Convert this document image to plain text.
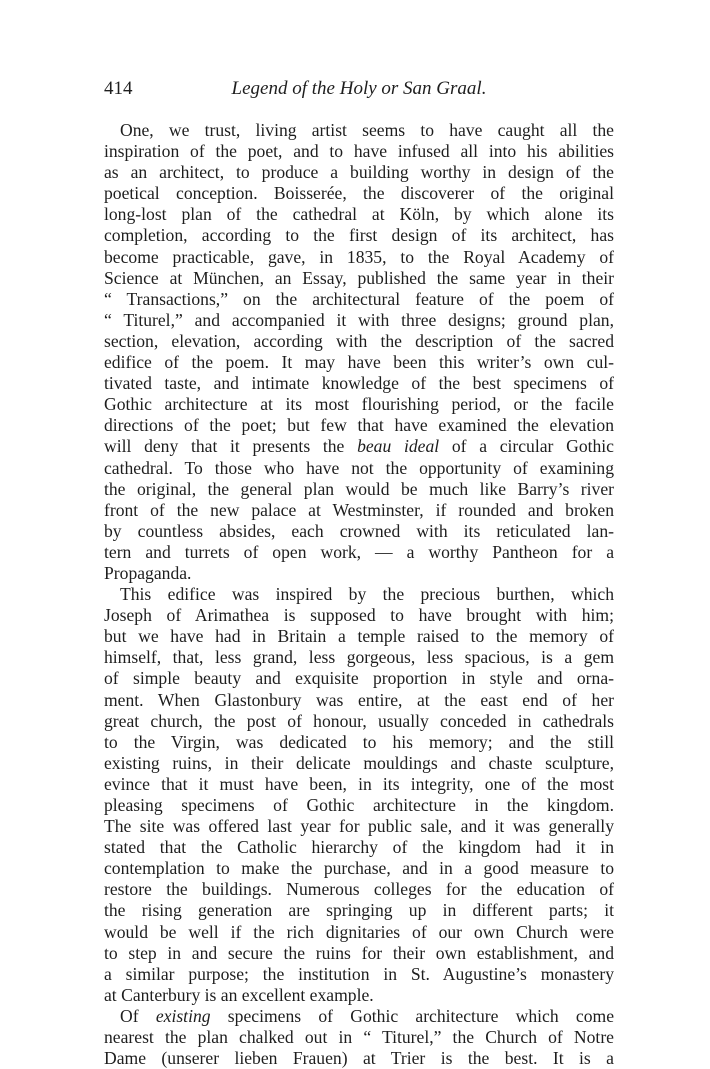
414	Legend of the Holy or San Graal.
One, we trust, living artist seems to have caught all the
inspiration of the poet, and to have infused all into his abilities
as an architect, to produce a building worthy in design of the
poetical conception. Boisserée, the discoverer of the original
long-lost plan of the cathedral at Köln, by which alone its
completion, according to the first design of its architect, has
become practicable, gave, in 1835, to the Royal Academy of
Science at München, an Essay, published the same year in their
“ Transactions,” on the architectural feature of the poem of
“ Titurel,” and accompanied it with three designs; ground plan,
section, elevation, according with the description of the sacred
edifice of the poem. It may have been this writer’s own cul-
tivated taste, and intimate knowledge of the best specimens of
Gothic architecture at its most flourishing period, or the facile
directions of the poet; but few that have examined the elevation
will deny that it presents the beau ideal of a circular Gothic
cathedral. To those who have not the opportunity of examining
the original, the general plan would be much like Barry’s river
front of the new palace at Westminster, if rounded and broken
by countless absides, each crowned with its reticulated lan-
tern and turrets of open work, — a worthy Pantheon for a
Propaganda.
This edifice was inspired by the precious burthen, which
Joseph of Arimathea is supposed to have brought with him;
but we have had in Britain a temple raised to the memory of
himself, that, less grand, less gorgeous, less spacious, is a gem
of simple beauty and exquisite proportion in style and orna-
ment. When Glastonbury was entire, at the east end of her
great church, the post of honour, usually conceded in cathedrals
to the Virgin, was dedicated to his memory; and the still
existing ruins, in their delicate mouldings and chaste sculpture,
evince that it must have been, in its integrity, one of the most
pleasing specimens of Gothic architecture in the kingdom.
The site was offered last year for public sale, and it was generally
stated that the Catholic hierarchy of the kingdom had it in
contemplation to make the purchase, and in a good measure to
restore the buildings. Numerous colleges for the education of
the rising generation are springing up in different parts; it
would be well if the rich dignitaries of our own Church were
to step in and secure the ruins for their own establishment, and
a similar purpose; the institution in St. Augustine’s monastery
at Canterbury is an excellent example.
Of existing specimens of Gothic architecture which come
nearest the plan chalked out in “ Titurel,” the Church of Notre
Dame (unserer lieben Frauen) at Trier is the best. It is a
